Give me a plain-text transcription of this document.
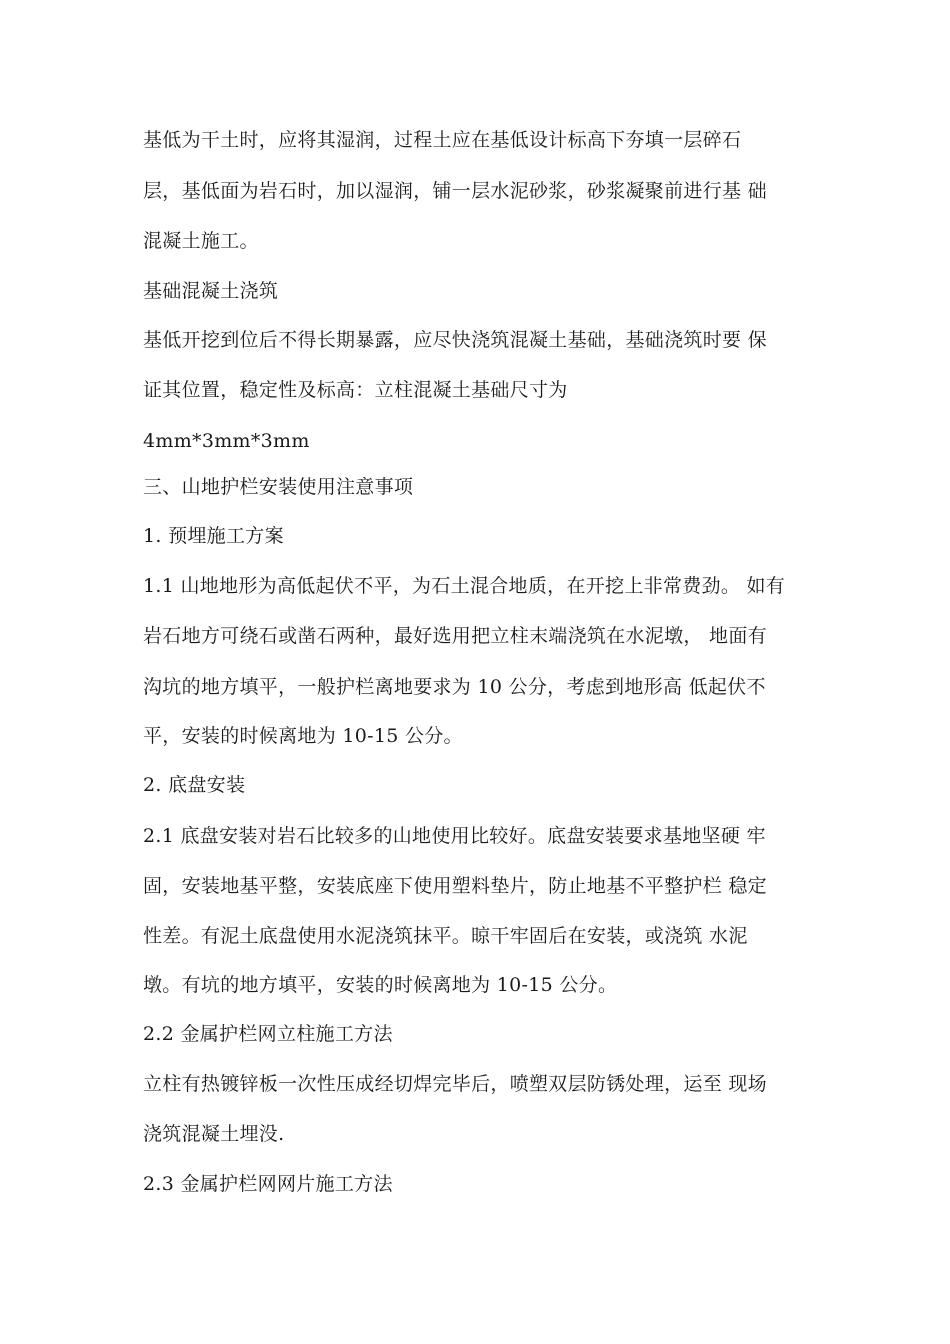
基低为干土时，应将其湿润，过程土应在基低设计标高下夯填一层碎石
层，基低面为岩石时，加以湿润，铺一层水泥砂浆，砂浆凝聚前进行基 础
混凝土施工。
基础混凝土浇筑
基低开挖到位后不得长期暴露，应尽快浇筑混凝土基础，基础浇筑时要 保
证其位置，稳定性及标高：立柱混凝土基础尺寸为
4mm*3mm*3mm
三、山地护栏安装使用注意事项
1. 预埋施工方案
1.1 山地地形为高低起伏不平，为石土混合地质，在开挖上非常费劲。 如有
岩石地方可绕石或凿石两种，最好选用把立柱末端浇筑在水泥墩， 地面有
沟坑的地方填平，一般护栏离地要求为 10 公分，考虑到地形高 低起伏不
平，安装的时候离地为 10-15 公分。
2. 底盘安装
2.1 底盘安装对岩石比较多的山地使用比较好。底盘安装要求基地坚硬 牢
固，安装地基平整，安装底座下使用塑料垫片，防止地基不平整护栏 稳定
性差。有泥土底盘使用水泥浇筑抹平。晾干牢固后在安装，或浇筑 水泥
墩。有坑的地方填平，安装的时候离地为 10-15 公分。
2.2 金属护栏网立柱施工方法
立柱有热镀锌板一次性压成经切焊完毕后，喷塑双层防锈处理，运至 现场
浇筑混凝土埋没.
2.3 金属护栏网网片施工方法
